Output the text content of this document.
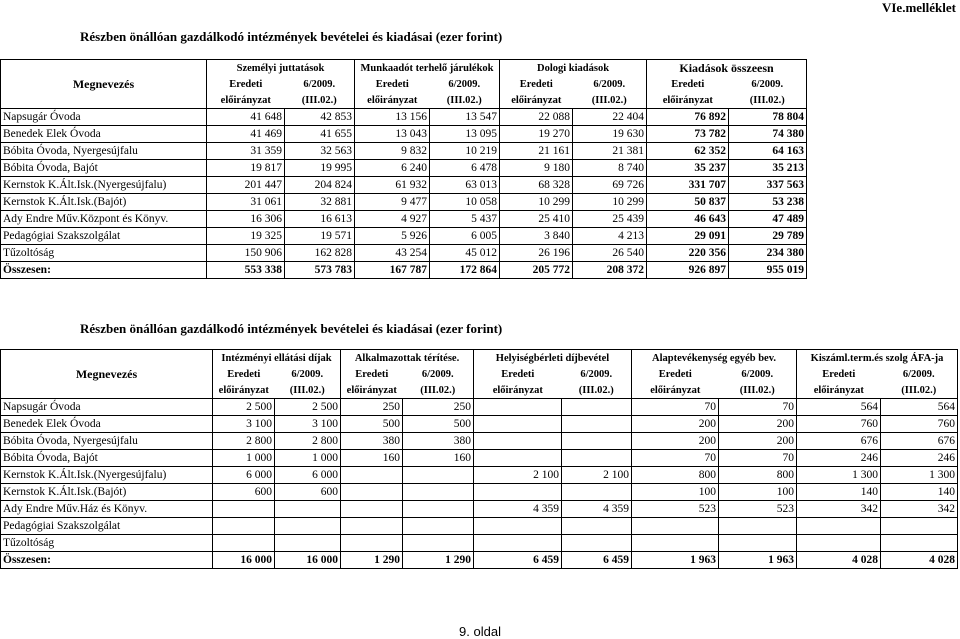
VIe.melléklet
Részben önállóan gazdálkodó intézmények bevételei és kiadásai (ezer forint)
Megnevezés	Személyi juttatások		Munkaadót terhelő járulékok		Dologi kiadások		Kiadások összeesn	
	Eredeti	6/2009.	Eredeti	6/2009.	Eredeti	6/2009.	Eredeti	6/2009.
	előirányzat	(III.02.)	előirányzat	(III.02.)	előirányzat	(III.02.)	előirányzat	(III.02.)
Napsugár Óvoda	41 648	42 853	13 156	13 547	22 088	22 404	76 892	78 804
Benedek Elek Óvoda	41 469	41 655	13 043	13 095	19 270	19 630	73 782	74 380
Bóbita Óvoda, Nyergesújfalu	31 359	32 563	9 832	10 219	21 161	21 381	62 352	64 163
Bóbita Óvoda, Bajót	19 817	19 995	6 240	6 478	9 180	8 740	35 237	35 213
Kernstok K.Ált.Isk.(Nyergesújfalu)	201 447	204 824	61 932	63 013	68 328	69 726	331 707	337 563
Kernstok K.Ált.Isk.(Bajót)	31 061	32 881	9 477	10 058	10 299	10 299	50 837	53 238
Ady Endre Műv.Központ és Könyv.	16 306	16 613	4 927	5 437	25 410	25 439	46 643	47 489
Pedagógiai Szakszolgálat	19 325	19 571	5 926	6 005	3 840	4 213	29 091	29 789
Tűzoltóság	150 906	162 828	43 254	45 012	26 196	26 540	220 356	234 380
Összesen:	553 338	573 783	167 787	172 864	205 772	208 372	926 897	955 019
Részben önállóan gazdálkodó intézmények bevételei és kiadásai (ezer forint)
Megnevezés	Intézményi ellátási díjak		Alkalmazottak térítése.		Helyiségbérleti díjbevétel		Alaptevékenység egyéb bev.		Kiszáml.term.és szolg ÁFA-ja	
	Eredeti	6/2009.	Eredeti	6/2009.	Eredeti	6/2009.	Eredeti	6/2009.	Eredeti	6/2009.
	előirányzat	(III.02.)	előirányzat	(III.02.)	előirányzat	(III.02.)	előirányzat	(III.02.)	előirányzat	(III.02.)
Napsugár Óvoda	2 500	2 500	250	250			70	70	564	564
Benedek Elek Óvoda	3 100	3 100	500	500			200	200	760	760
Bóbita Óvoda, Nyergesújfalu	2 800	2 800	380	380			200	200	676	676
Bóbita Óvoda, Bajót	1 000	1 000	160	160			70	70	246	246
Kernstok K.Ált.Isk.(Nyergesújfalu)	6 000	6 000			2 100	2 100	800	800	1 300	1 300
Kernstok K.Ált.Isk.(Bajót)	600	600					100	100	140	140
Ady Endre Műv.Ház és Könyv.					4 359	4 359	523	523	342	342
Pedagógiai Szakszolgálat										
Tűzoltóság										
Összesen:	16 000	16 000	1 290	1 290	6 459	6 459	1 963	1 963	4 028	4 028
9. oldal
